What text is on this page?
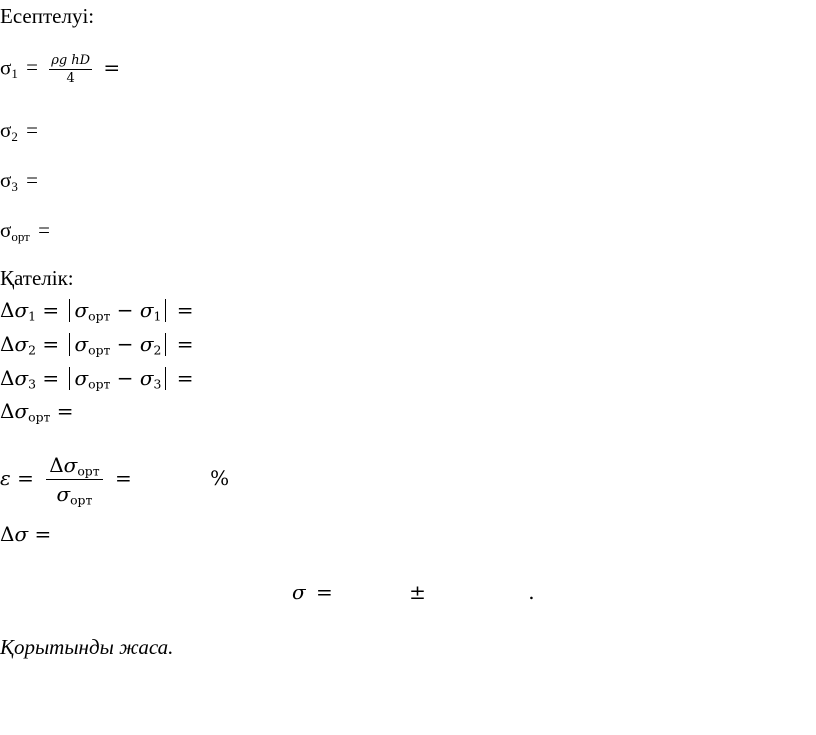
Есептелуі:
$\sigma_1 = \frac{\text{ρg hD}}{4}$ =
$\sigma_2$ =
$\sigma_3$ =
$\sigma_{орт}$ =
Қателік:
$\Delta\sigma_1 = \sigma_{орт} - \sigma_1$ =
$\Delta\sigma_2 = \sigma_{орт} - \sigma_2$ =
$\Delta\sigma_3 = \sigma_{орт} - \sigma_3$ =
$\Delta\sigma_{орт}$ =
$\varepsilon = \frac{\Delta\sigma_{орт}}{\sigma_{орт}}$ =	%
Δσ =
σ =	±	.
Қорытынды жаса.
